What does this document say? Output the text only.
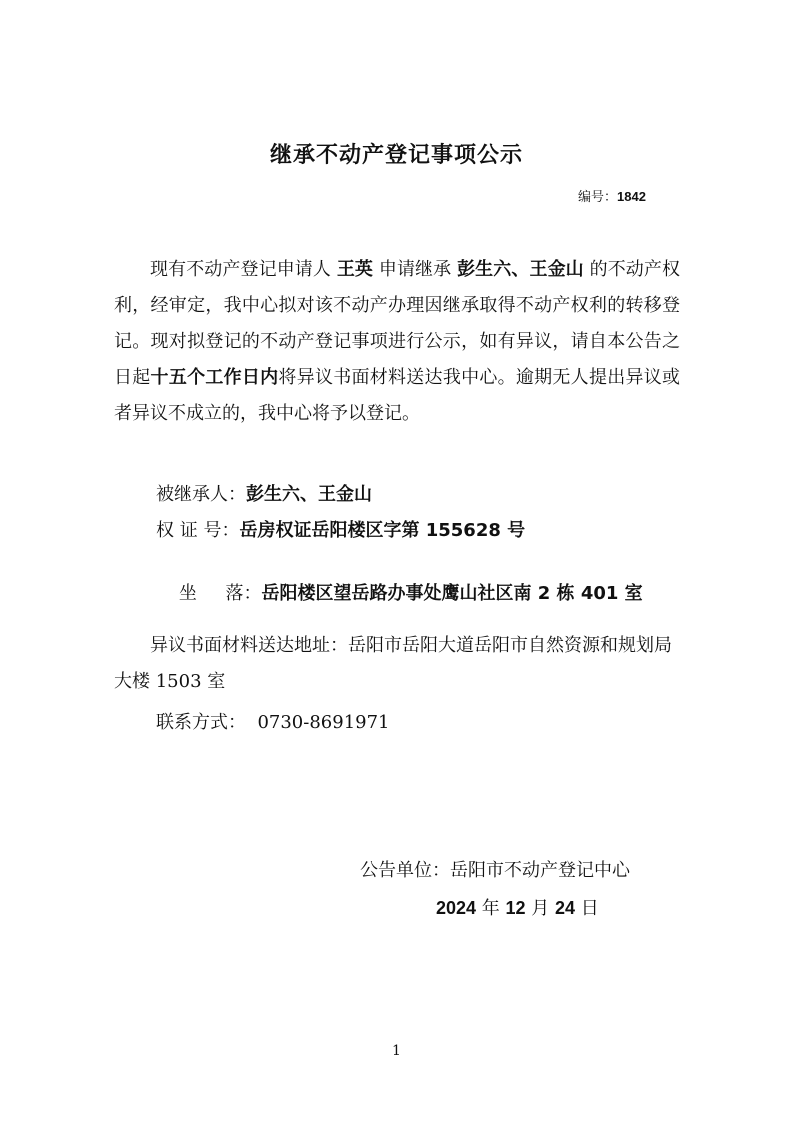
继承不动产登记事项公示
编号：1842

现有不动产登记申请人 王英 申请继承 彭生六、王金山 的不动产权利，经审定，我中心拟对该不动产办理因继承取得不动产权利的转移登记。现对拟登记的不动产登记事项进行公示，如有异议，请自本公告之日起十五个工作日内将异议书面材料送达我中心。逾期无人提出异议或者异议不成立的，我中心将予以登记。

被继承人：彭生六、王金山
权 证 号：岳房权证岳阳楼区字第 155628 号

坐     落：岳阳楼区望岳路办事处鹰山社区南 2 栋 401 室

异议书面材料送达地址：岳阳市岳阳大道岳阳市自然资源和规划局大楼 1503 室

联系方式： 0730-8691971
公告单位：岳阳市不动产登记中心
2024 年 12 月 24 日
1
